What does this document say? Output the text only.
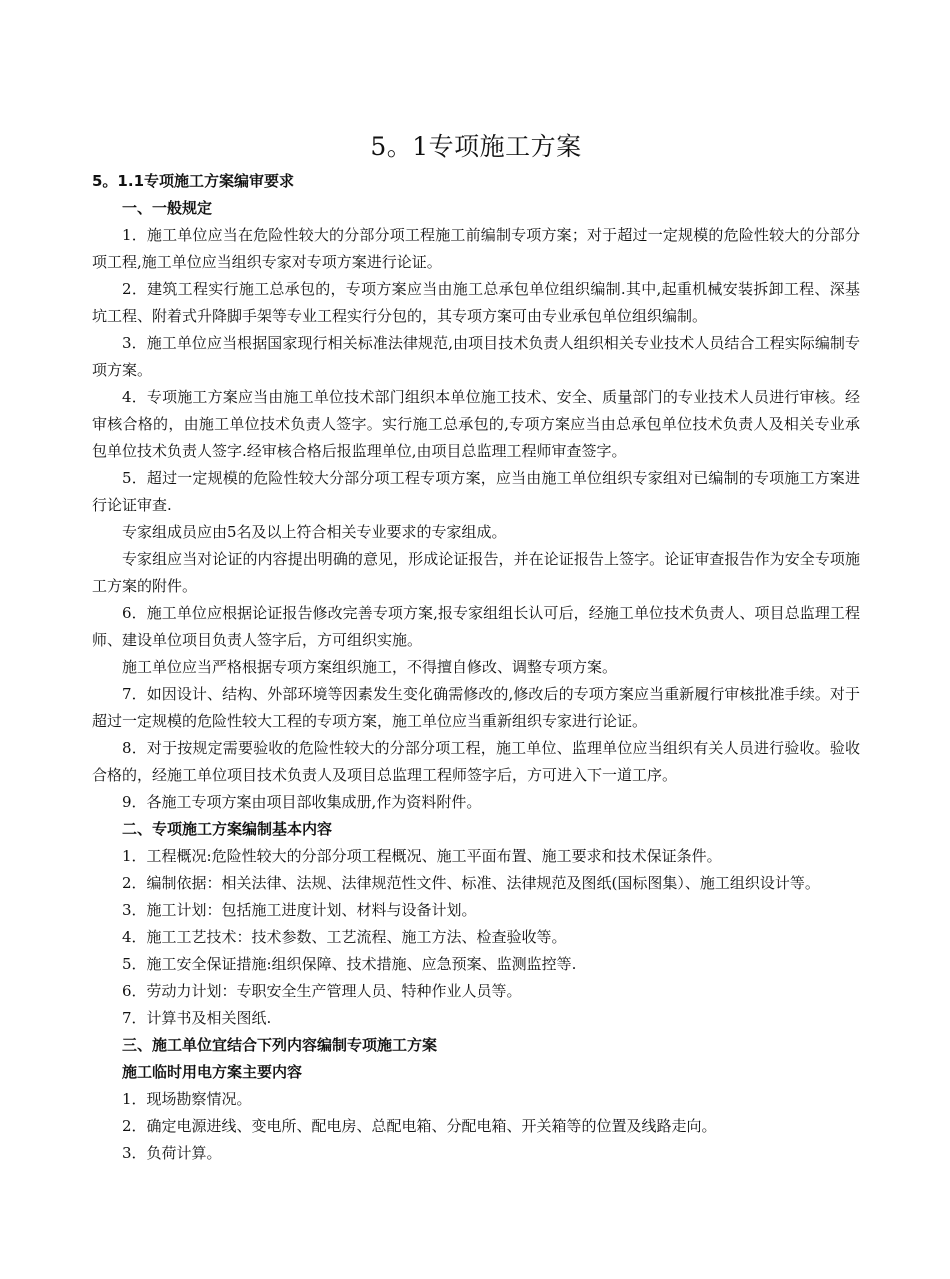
5。1专项施工方案

5。1.1专项施工方案编审要求

一、一般规定

1．施工单位应当在危险性较大的分部分项工程施工前编制专项方案；对于超过一定规模的危险性较大的分部分项工程,施工单位应当组织专家对专项方案进行论证。

2．建筑工程实行施工总承包的，专项方案应当由施工总承包单位组织编制.其中,起重机械安装拆卸工程、深基坑工程、附着式升降脚手架等专业工程实行分包的，其专项方案可由专业承包单位组织编制。

3．施工单位应当根据国家现行相关标准法律规范,由项目技术负责人组织相关专业技术人员结合工程实际编制专项方案。

4．专项施工方案应当由施工单位技术部门组织本单位施工技术、安全、质量部门的专业技术人员进行审核。经审核合格的，由施工单位技术负责人签字。实行施工总承包的,专项方案应当由总承包单位技术负责人及相关专业承包单位技术负责人签字.经审核合格后报监理单位,由项目总监理工程师审查签字。

5．超过一定规模的危险性较大分部分项工程专项方案，应当由施工单位组织专家组对已编制的专项施工方案进行论证审查.

专家组成员应由5名及以上符合相关专业要求的专家组成。

专家组应当对论证的内容提出明确的意见，形成论证报告，并在论证报告上签字。论证审查报告作为安全专项施工方案的附件。

6．施工单位应根据论证报告修改完善专项方案,报专家组组长认可后，经施工单位技术负责人、项目总监理工程师、建设单位项目负责人签字后，方可组织实施。

施工单位应当严格根据专项方案组织施工，不得擅自修改、调整专项方案。

7．如因设计、结构、外部环境等因素发生变化确需修改的,修改后的专项方案应当重新履行审核批准手续。对于超过一定规模的危险性较大工程的专项方案，施工单位应当重新组织专家进行论证。

8．对于按规定需要验收的危险性较大的分部分项工程，施工单位、监理单位应当组织有关人员进行验收。验收合格的，经施工单位项目技术负责人及项目总监理工程师签字后，方可进入下一道工序。

9．各施工专项方案由项目部收集成册,作为资料附件。

二、专项施工方案编制基本内容

1．工程概况:危险性较大的分部分项工程概况、施工平面布置、施工要求和技术保证条件。

2．编制依据：相关法律、法规、法律规范性文件、标准、法律规范及图纸(国标图集）、施工组织设计等。

3．施工计划：包括施工进度计划、材料与设备计划。

4．施工工艺技术：技术参数、工艺流程、施工方法、检查验收等。

5．施工安全保证措施:组织保障、技术措施、应急预案、监测监控等.

6．劳动力计划：专职安全生产管理人员、特种作业人员等。

7．计算书及相关图纸.

三、施工单位宜结合下列内容编制专项施工方案

施工临时用电方案主要内容

1．现场勘察情况。

2．确定电源进线、变电所、配电房、总配电箱、分配电箱、开关箱等的位置及线路走向。

3．负荷计算。
